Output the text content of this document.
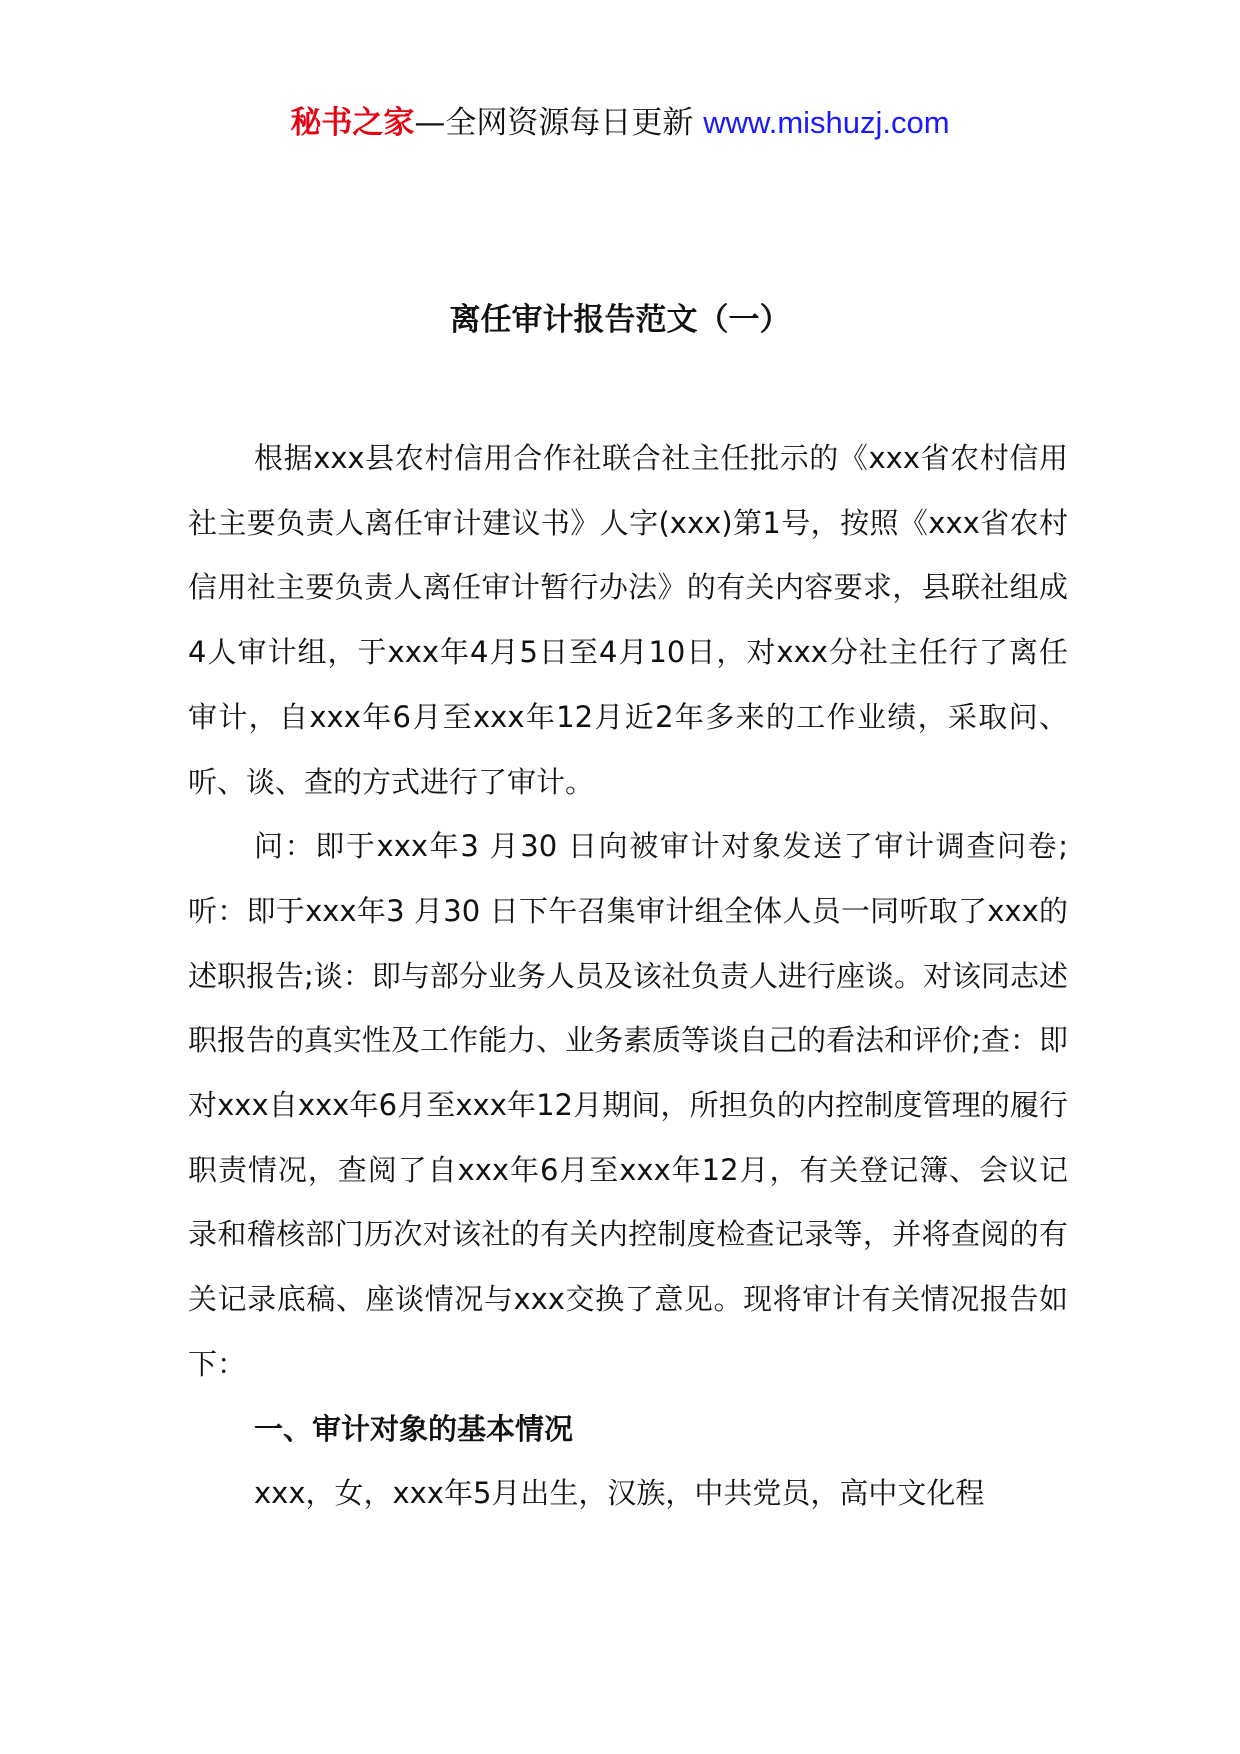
秘书之家—全网资源每日更新 www.mishuzj.com
离任审计报告范文（一）

根据xxx县农村信用合作社联合社主任批示的《xxx省农村信用社主要负责人离任审计建议书》人字(xxx)第1号，按照《xxx省农村信用社主要负责人离任审计暂行办法》的有关内容要求，县联社组成4人审计组，于xxx年4月5日至4月10日，对xxx分社主任行了离任审计，自xxx年6月至xxx年12月近2年多来的工作业绩，采取问、听、谈、查的方式进行了审计。

问：即于xxx年3 月30 日向被审计对象发送了审计调查问卷;听：即于xxx年3 月30 日下午召集审计组全体人员一同听取了xxx的述职报告;谈：即与部分业务人员及该社负责人进行座谈。对该同志述职报告的真实性及工作能力、业务素质等谈自己的看法和评价;查：即对xxx自xxx年6月至xxx年12月期间，所担负的内控制度管理的履行职责情况，查阅了自xxx年6月至xxx年12月，有关登记簿、会议记录和稽核部门历次对该社的有关内控制度检查记录等，并将查阅的有关记录底稿、座谈情况与xxx交换了意见。现将审计有关情况报告如下：

一、审计对象的基本情况

xxx，女，xxx年5月出生，汉族，中共党员，高中文化程
